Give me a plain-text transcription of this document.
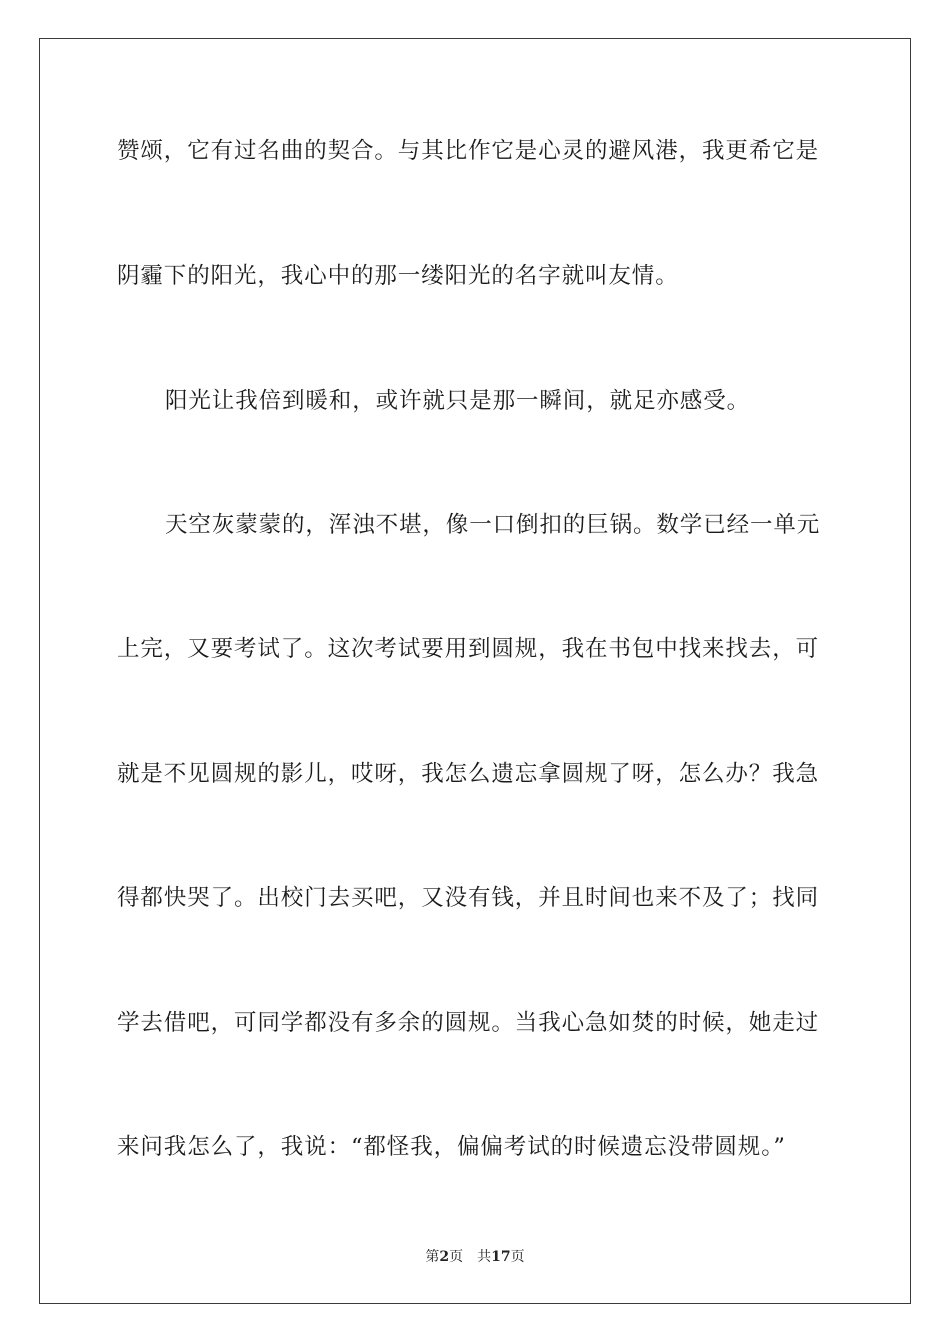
赞颂，它有过名曲的契合。与其比作它是心灵的避风港，我更希它是
阴霾下的阳光，我心中的那一缕阳光的名字就叫友情。
阳光让我倍到暖和，或许就只是那一瞬间，就足亦感受。
天空灰蒙蒙的，浑浊不堪，像一口倒扣的巨锅。数学已经一单元
上完，又要考试了。这次考试要用到圆规，我在书包中找来找去，可
就是不见圆规的影儿，哎呀，我怎么遗忘拿圆规了呀，怎么办？我急
得都快哭了。出校门去买吧，又没有钱，并且时间也来不及了；找同
学去借吧，可同学都没有多余的圆规。当我心急如焚的时候，她走过
来问我怎么了，我说：“都怪我，偏偏考试的时候遗忘没带圆规。”
第2页 共17页
